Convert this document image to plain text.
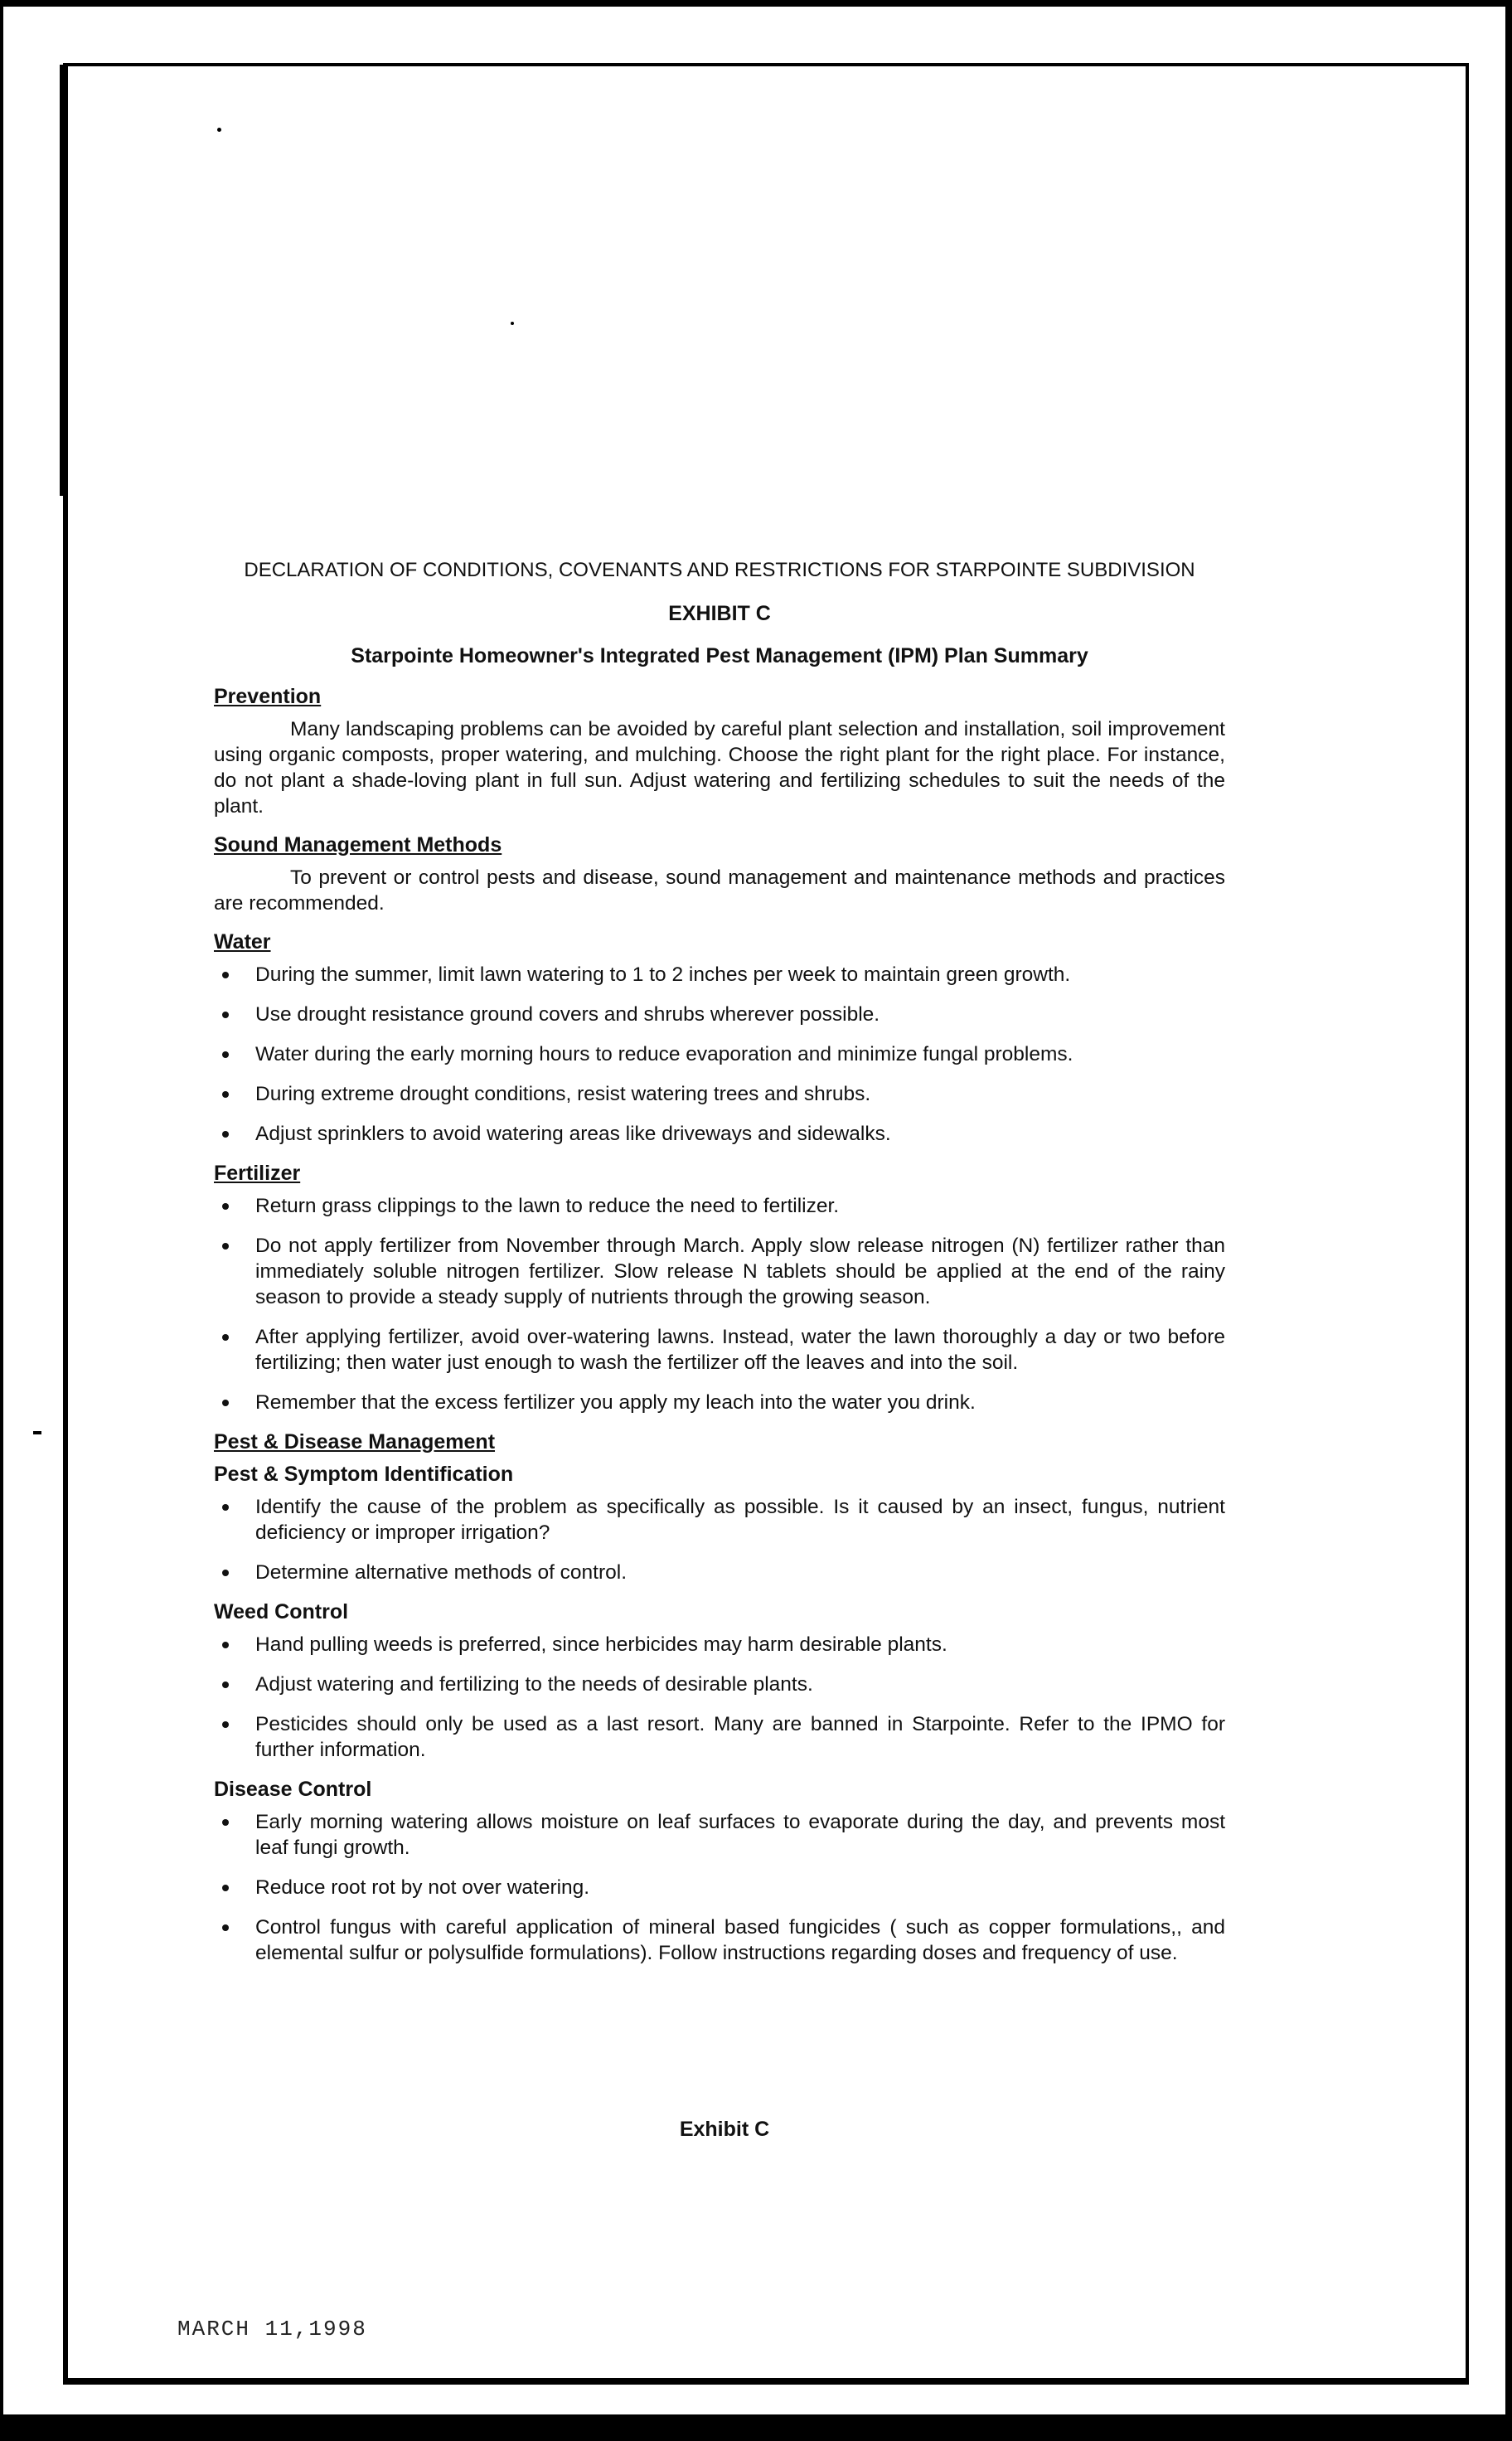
DECLARATION OF CONDITIONS, COVENANTS AND RESTRICTIONS FOR STARPOINTE SUBDIVISION
EXHIBIT C
Starpointe Homeowner's Integrated Pest Management (IPM) Plan Summary
Prevention

Many landscaping problems can be avoided by careful plant selection and installation, soil improvement using organic composts, proper watering, and mulching. Choose the right plant for the right place. For instance, do not plant a shade-loving plant in full sun. Adjust watering and fertilizing schedules to suit the needs of the plant.

Sound Management Methods

To prevent or control pests and disease, sound management and maintenance methods and practices are recommended.

Water
During the summer, limit lawn watering to 1 to 2 inches per week to maintain green growth.
Use drought resistance ground covers and shrubs wherever possible.
Water during the early morning hours to reduce evaporation and minimize fungal problems.
During extreme drought conditions, resist watering trees and shrubs.
Adjust sprinklers to avoid watering areas like driveways and sidewalks.
Fertilizer
Return grass clippings to the lawn to reduce the need to fertilizer.
Do not apply fertilizer from November through March. Apply slow release nitrogen (N) fertilizer rather than immediately soluble nitrogen fertilizer. Slow release N tablets should be applied at the end of the rainy season to provide a steady supply of nutrients through the growing season.
After applying fertilizer, avoid over-watering lawns. Instead, water the lawn thoroughly a day or two before fertilizing; then water just enough to wash the fertilizer off the leaves and into the soil.
Remember that the excess fertilizer you apply my leach into the water you drink.
Pest & Disease Management
Pest & Symptom Identification
Identify the cause of the problem as specifically as possible. Is it caused by an insect, fungus, nutrient deficiency or improper irrigation?
Determine alternative methods of control.
Weed Control
Hand pulling weeds is preferred, since herbicides may harm desirable plants.
Adjust watering and fertilizing to the needs of desirable plants.
Pesticides should only be used as a last resort. Many are banned in Starpointe. Refer to the IPMO for further information.
Disease Control
Early morning watering allows moisture on leaf surfaces to evaporate during the day, and prevents most leaf fungi growth.
Reduce root rot by not over watering.
Control fungus with careful application of mineral based fungicides ( such as copper formulations,, and elemental sulfur or polysulfide formulations). Follow instructions regarding doses and frequency of use.
Exhibit C
MARCH 11,1998
